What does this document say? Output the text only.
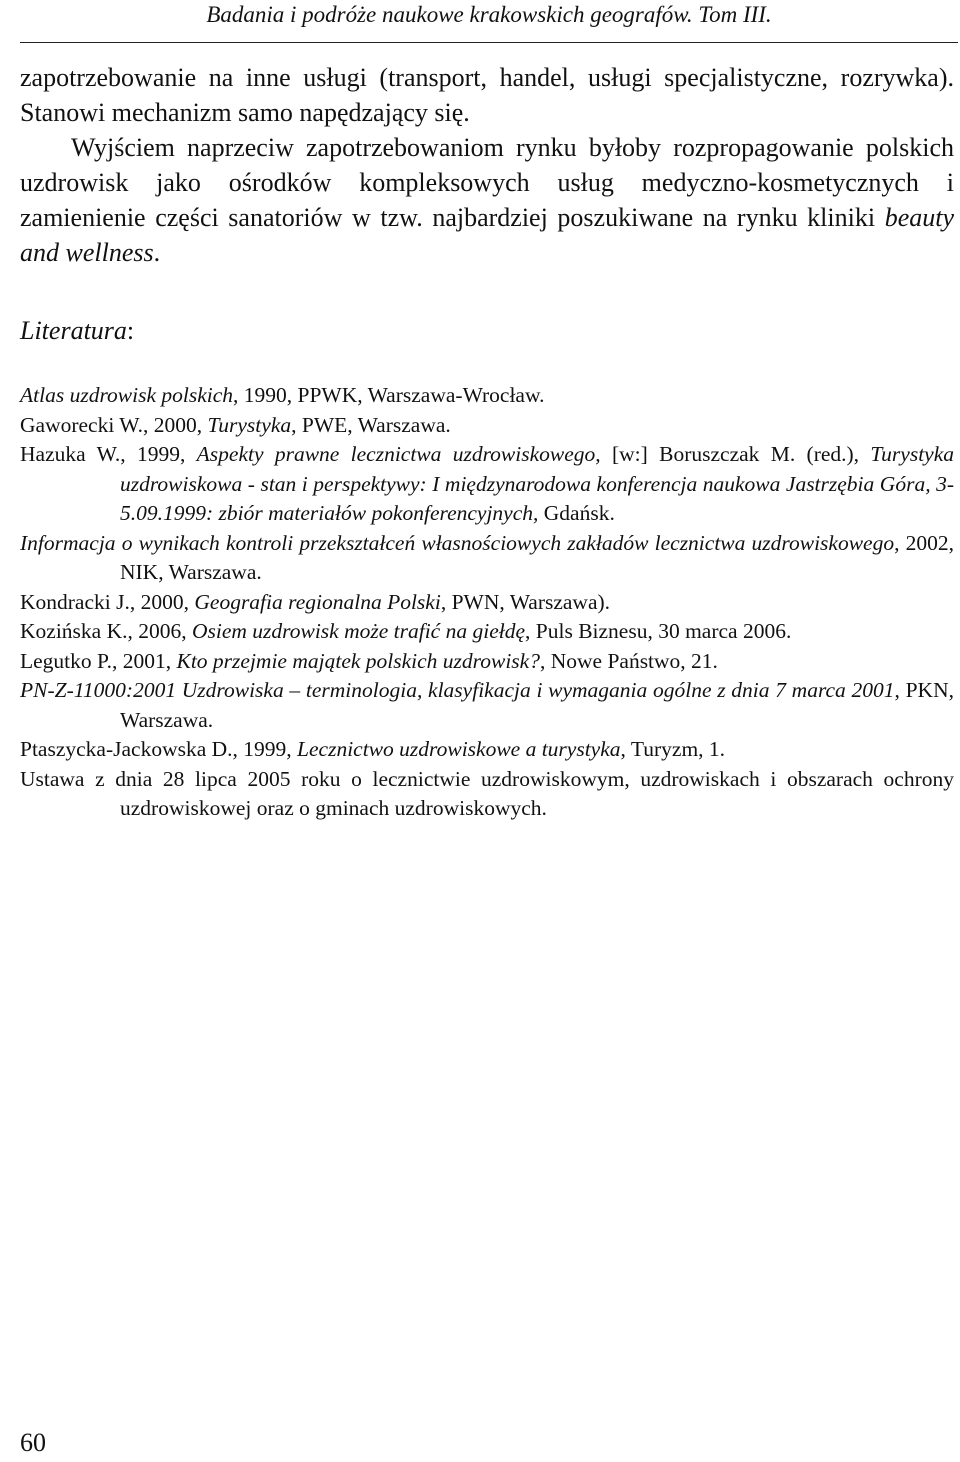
Badania i podróże naukowe krakowskich geografów. Tom III.

zapotrzebowanie na inne usługi (transport, handel, usługi specjalistyczne, rozrywka). Stanowi mechanizm samo napędzający się.

Wyjściem naprzeciw zapotrzebowaniom rynku byłoby rozpropagowanie polskich uzdrowisk jako ośrodków kompleksowych usług medyczno-kosmetycznych i zamienienie części sanatoriów w tzw. najbardziej poszukiwane na rynku kliniki beauty and wellness.

Literatura:
Atlas uzdrowisk polskich, 1990, PPWK, Warszawa-Wrocław.
Gaworecki W., 2000, Turystyka, PWE, Warszawa.
Hazuka W., 1999, Aspekty prawne lecznictwa uzdrowiskowego, [w:] Boruszczak M. (red.), Turystyka uzdrowiskowa - stan i perspektywy: I międzynarodowa konferencja naukowa Jastrzębia Góra, 3-5.09.1999: zbiór materiałów pokonferencyjnych, Gdańsk.
Informacja o wynikach kontroli przekształceń własnościowych zakładów lecznictwa uzdrowiskowego, 2002, NIK, Warszawa.
Kondracki J., 2000, Geografia regionalna Polski, PWN, Warszawa).
Kozińska K., 2006, Osiem uzdrowisk może trafić na giełdę, Puls Biznesu, 30 marca 2006.
Legutko P., 2001, Kto przejmie majątek polskich uzdrowisk?, Nowe Państwo, 21.
PN-Z-11000:2001 Uzdrowiska – terminologia, klasyfikacja i wymagania ogólne z dnia 7 marca 2001, PKN, Warszawa.
Ptaszycka-Jackowska D., 1999, Lecznictwo uzdrowiskowe a turystyka, Turyzm, 1.
Ustawa z dnia 28 lipca 2005 roku o lecznictwie uzdrowiskowym, uzdrowiskach i obszarach ochrony uzdrowiskowej oraz o gminach uzdrowiskowych.
60
